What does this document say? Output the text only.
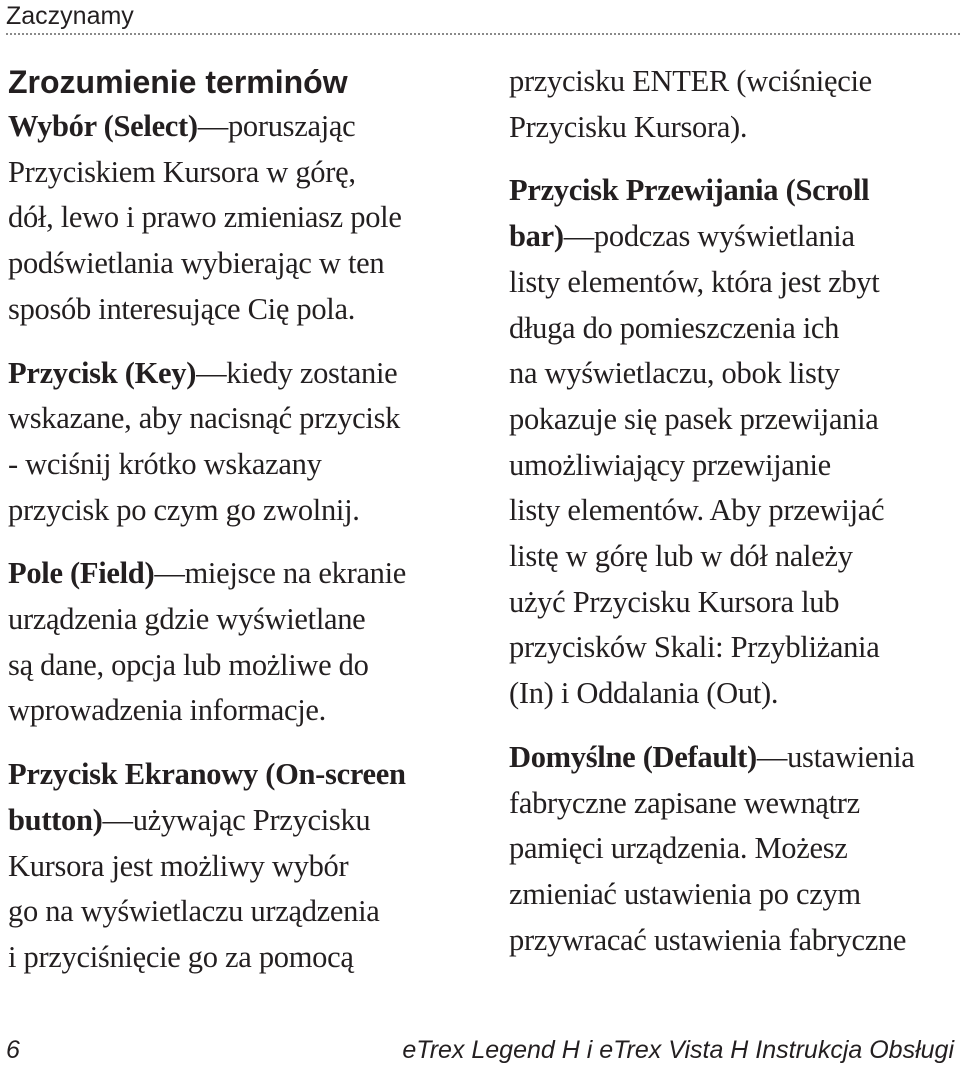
Zaczynamy
Zrozumienie terminów
Wybór (Select)—poruszając
Przyciskiem Kursora w górę,
dół, lewo i prawo zmieniasz pole
podświetlania wybierając w ten
sposób interesujące Cię pola.
Przycisk (Key)—kiedy zostanie
wskazane, aby nacisnąć przycisk
- wciśnij krótko wskazany
przycisk po czym go zwolnij.
Pole (Field)—miejsce na ekranie
urządzenia gdzie wyświetlane
są dane, opcja lub możliwe do
wprowadzenia informacje.
Przycisk Ekranowy (On-screen
button)—używając Przycisku
Kursora jest możliwy wybór
go na wyświetlaczu urządzenia
i przyciśnięcie go za pomocą
przycisku ENTER (wciśnięcie
Przycisku Kursora).
Przycisk Przewijania (Scroll
bar)—podczas wyświetlania
listy elementów, która jest zbyt
długa do pomieszczenia ich
na wyświetlaczu, obok listy
pokazuje się pasek przewijania
umożliwiający przewijanie
listy elementów. Aby przewijać
listę w górę lub w dół należy
użyć Przycisku Kursora lub
przycisków Skali: Przybliżania
(In) i Oddalania (Out).
Domyślne (Default)—ustawienia
fabryczne zapisane wewnątrz
pamięci urządzenia. Możesz
zmieniać ustawienia po czym
przywracać ustawienia fabryczne
6	eTrex Legend H i eTrex Vista H Instrukcja Obsługi
